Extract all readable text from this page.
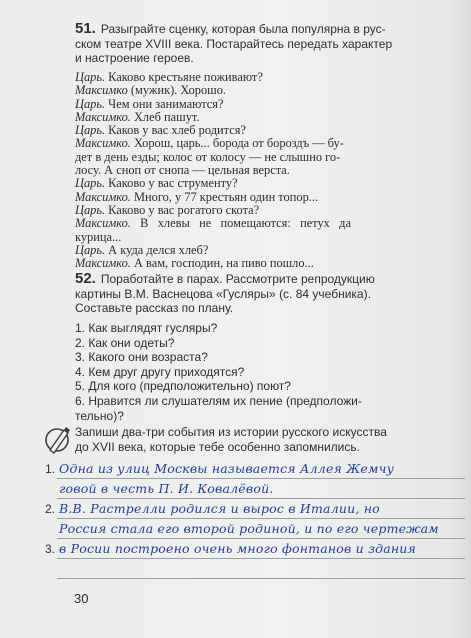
51. Разыграйте сценку, которая была популярна в рус-
ском театре XVIII века. Постарайтесь передать характер
и настроение героев.
Царь. Каково крестьяне поживают?
Максимко (мужик). Хорошо.
Царь. Чем они занимаются?
Максимко. Хлеб пашут.
Царь. Каков у вас хлеб родится?
Максимко. Хорош, царь... борода от бороздъ — бу-
дет в день езды; колос от колосу — не слышно го-
лосу. А сноп от снопа — цельная верста.
Царь. Каково у вас струменту?
Максимко. Много, у 77 крестьян один топор...
Царь. Каково у вас рогатого скота?
Максимко.   В   хлевы   не   помещаются:   петух   да
курица...
Царь. А куда делся хлеб?
Максимко. А вам, господин, на пиво пошло...
52. Поработайте в парах. Рассмотрите репродукцию
картины В.М. Васнецова «Гусляры» (с. 84 учебника).
Составьте рассказ по плану.
1. Как выглядят гусляры?
2. Как они одеты?
3. Какого они возраста?
4. Кем друг другу приходятся?
5. Для кого (предположительно) поют?
6. Нравится ли слушателям их пение (предположи-
тельно)?
Запиши два-три события из истории русского искусства
до XVII века, которые тебе особенно запомнились.
1. Одна из улиц Москвы называется Аллея Жемчу
говой в честь П. И. Ковалёвой.
2. В.В. Растрелли родился и вырос в Италии, но
Россия стала его второй родиной, и по его чертежам
3. в Росии построено очень много фонтанов и здания
30
